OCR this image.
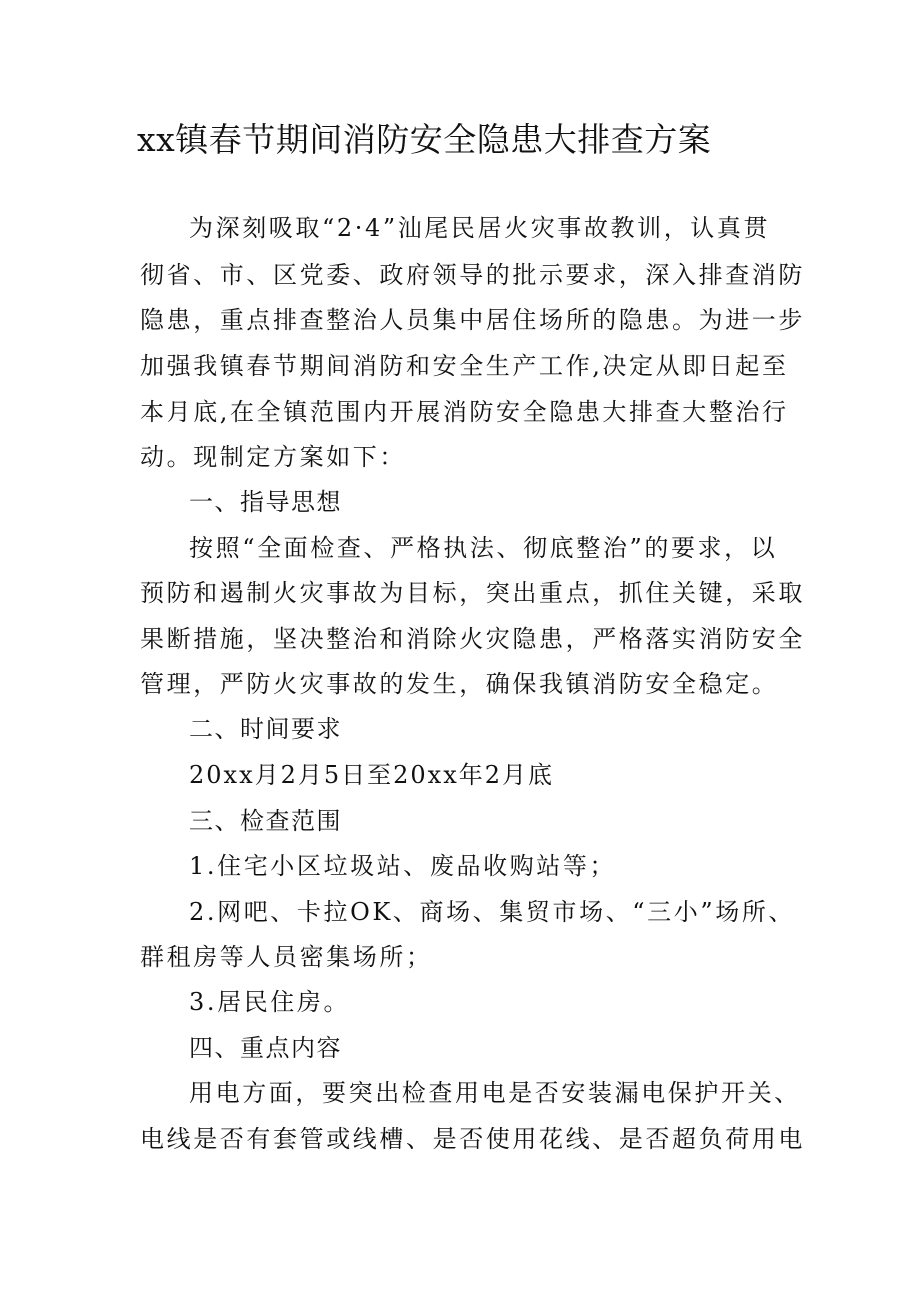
xx镇春节期间消防安全隐患大排查方案
为深刻吸取“2·4”汕尾民居火灾事故教训，认真贯
彻省、市、区党委、政府领导的批示要求，深入排查消防
隐患，重点排查整治人员集中居住场所的隐患。为进一步
加强我镇春节期间消防和安全生产工作,决定从即日起至
本月底,在全镇范围内开展消防安全隐患大排查大整治行
动。现制定方案如下：
一、指导思想
按照“全面检查、严格执法、彻底整治”的要求，以
预防和遏制火灾事故为目标，突出重点，抓住关键，采取
果断措施，坚决整治和消除火灾隐患，严格落实消防安全
管理，严防火灾事故的发生，确保我镇消防安全稳定。
二、时间要求
20xx月2月5日至20xx年2月底
三、检查范围
1.住宅小区垃圾站、废品收购站等；
2.网吧、卡拉OK、商场、集贸市场、“三小”场所、
群租房等人员密集场所；
3.居民住房。
四、重点内容
用电方面，要突出检查用电是否安装漏电保护开关、
电线是否有套管或线槽、是否使用花线、是否超负荷用电
